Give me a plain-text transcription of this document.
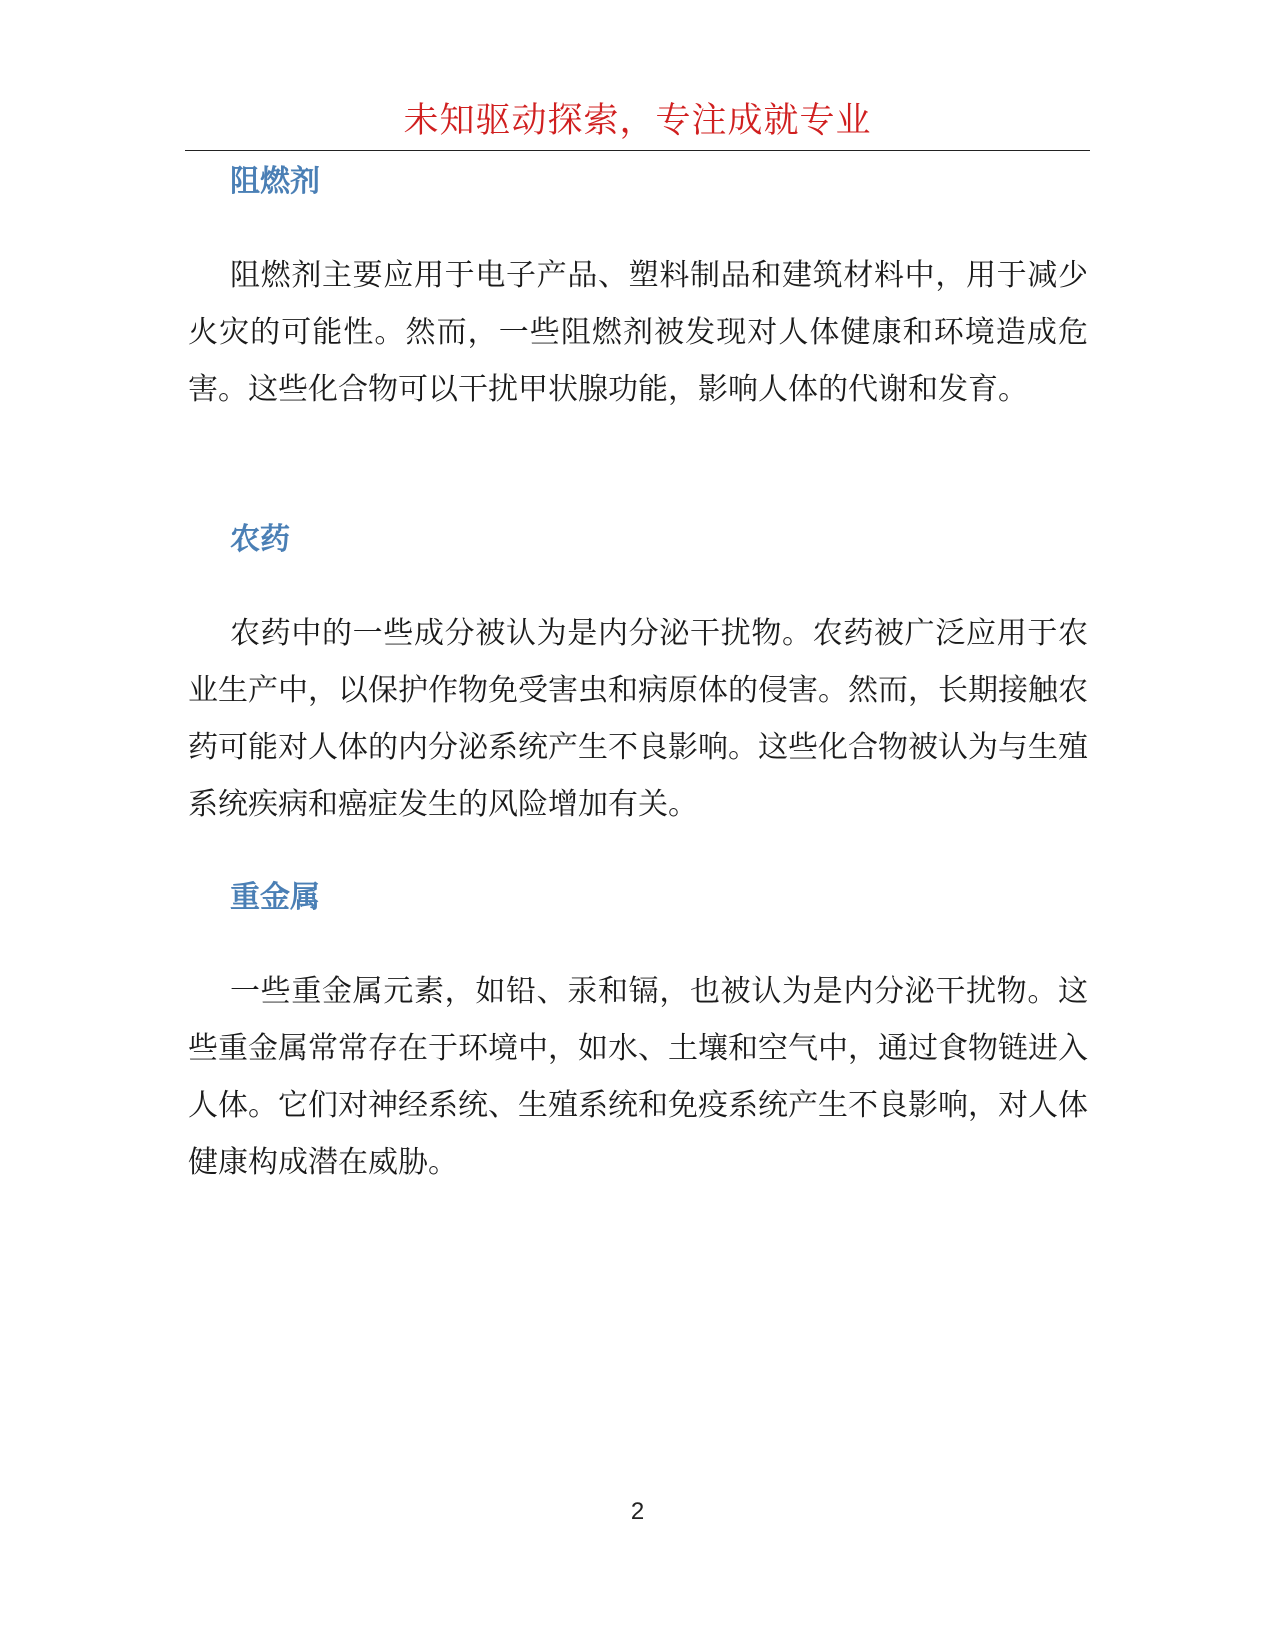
未知驱动探索，专注成就专业
阻燃剂

阻燃剂主要应用于电子产品、塑料制品和建筑材料中，用于减少火灾的可能性。然而，一些阻燃剂被发现对人体健康和环境造成危害。这些化合物可以干扰甲状腺功能，影响人体的代谢和发育。

农药

农药中的一些成分被认为是内分泌干扰物。农药被广泛应用于农业生产中，以保护作物免受害虫和病原体的侵害。然而，长期接触农药可能对人体的内分泌系统产生不良影响。这些化合物被认为与生殖系统疾病和癌症发生的风险增加有关。

重金属

一些重金属元素，如铅、汞和镉，也被认为是内分泌干扰物。这些重金属常常存在于环境中，如水、土壤和空气中，通过食物链进入人体。它们对神经系统、生殖系统和免疫系统产生不良影响，对人体健康构成潜在威胁。

2
